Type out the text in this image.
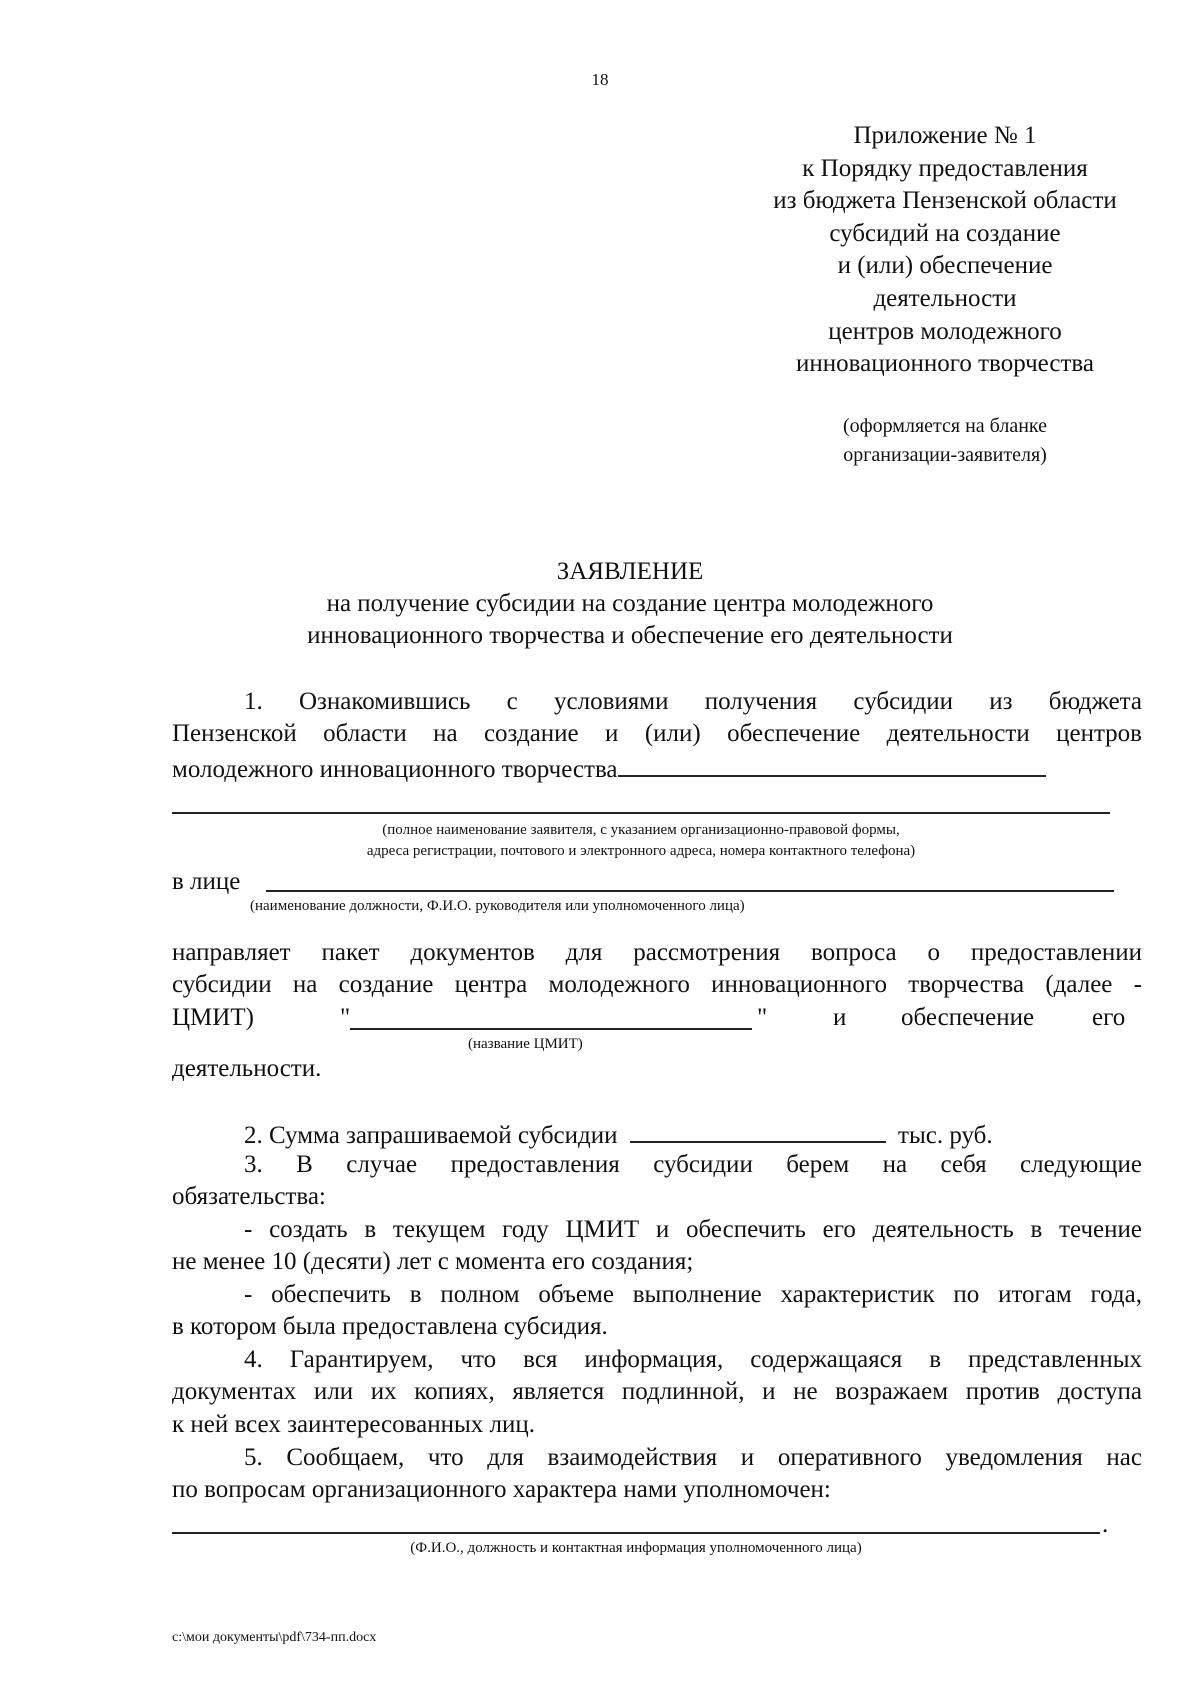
18
Приложение № 1
к Порядку предоставления
из бюджета Пензенской области
субсидий на создание
и (или) обеспечение
деятельности
центров молодежного
инновационного творчества
(оформляется на бланке
организации-заявителя)
ЗАЯВЛЕНИЕ
на получение субсидии на создание центра молодежного
инновационного творчества и обеспечение его деятельности
1. Ознакомившись с условиями получения субсидии из бюджета
Пензенской области на создание и (или) обеспечение деятельности центров
молодежного инновационного творчества
(полное наименование заявителя, с указанием организационно-правовой формы,
адреса регистрации, почтового и электронного адреса, номера контактного телефона)
в лице
(наименование должности, Ф.И.О. руководителя или уполномоченного лица)
направляет пакет документов для рассмотрения вопроса о предоставлении
субсидии на создание центра молодежного инновационного творчества (далее -
ЦМИТ)	"	"	и обеспечение его
(название ЦМИТ)
деятельности.
2. Сумма запрашиваемой субсидии	тыс. руб.
3. В случае предоставления субсидии берем на себя следующие
обязательства:
- создать в текущем году ЦМИТ и обеспечить его деятельность в течение
не менее 10 (десяти) лет с момента его создания;
- обеспечить в полном объеме выполнение характеристик по итогам года,
в котором была предоставлена субсидия.
4. Гарантируем, что вся информация, содержащаяся в представленных
документах или их копиях, является подлинной, и не возражаем против доступа
к ней всех заинтересованных лиц.
5. Сообщаем, что для взаимодействия и оперативного уведомления нас
по вопросам организационного характера нами уполномочен:
.
(Ф.И.О., должность и контактная информация уполномоченного лица)
c:\мои документы\pdf\734-пп.docx
